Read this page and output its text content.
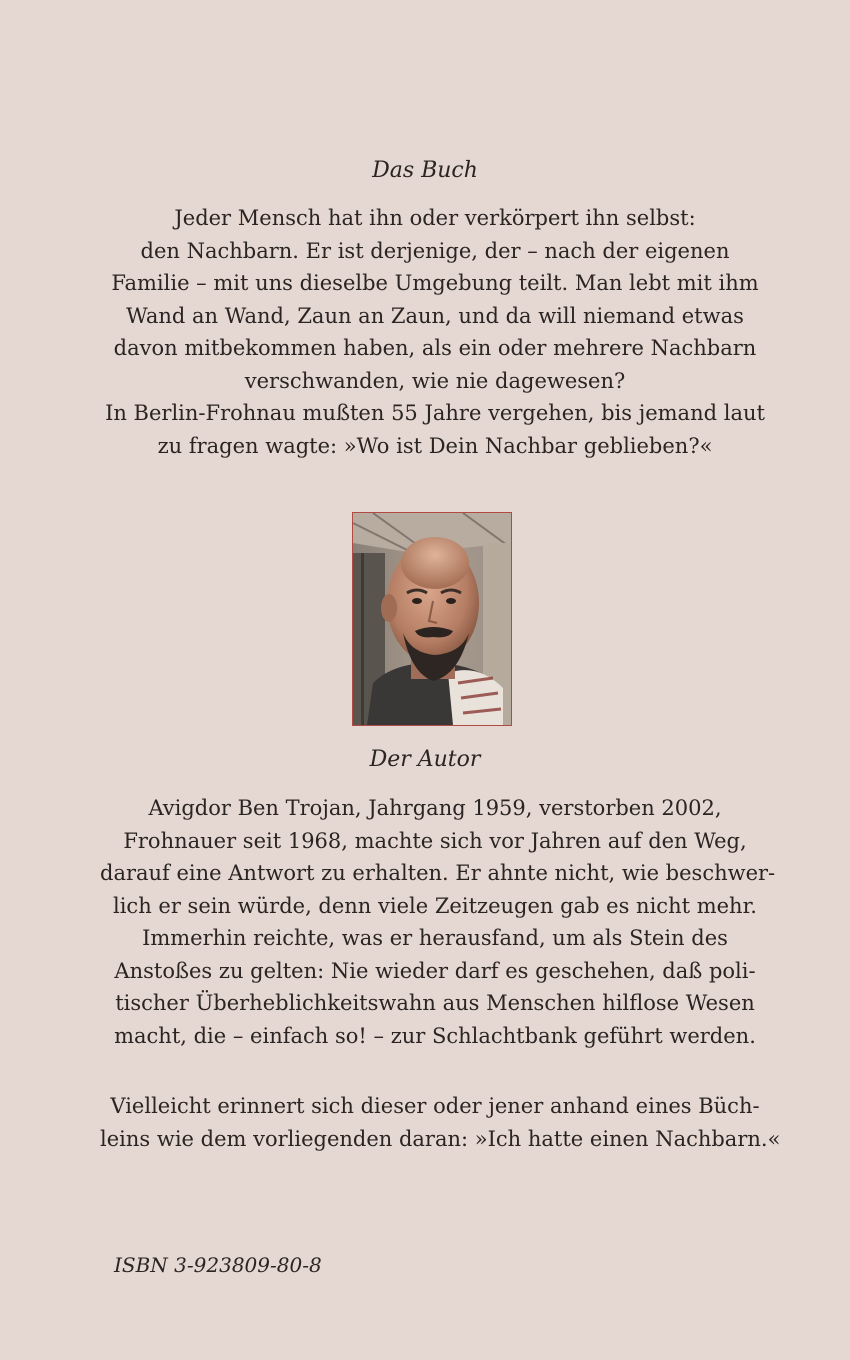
Das Buch
Jeder Mensch hat ihn oder verkörpert ihn selbst:
den Nachbarn. Er ist derjenige, der – nach der eigenen
Familie – mit uns dieselbe Umgebung teilt. Man lebt mit ihm
Wand an Wand, Zaun an Zaun, und da will niemand etwas
davon mitbekommen haben, als ein oder mehrere Nachbarn
verschwanden, wie nie dagewesen?
In Berlin-Frohnau mußten 55 Jahre vergehen, bis jemand laut
zu fragen wagte: »Wo ist Dein Nachbar geblieben?«
Der Autor
Avigdor Ben Trojan, Jahrgang 1959, verstorben 2002,
Frohnauer seit 1968, machte sich vor Jahren auf den Weg,
darauf eine Antwort zu erhalten. Er ahnte nicht, wie beschwer-
lich er sein würde, denn viele Zeitzeugen gab es nicht mehr.
Immerhin reichte, was er herausfand, um als Stein des
Anstoßes zu gelten: Nie wieder darf es geschehen, daß poli-
tischer Überheblichkeitswahn aus Menschen hilflose Wesen
macht, die – einfach so! – zur Schlachtbank geführt werden.
Vielleicht erinnert sich dieser oder jener anhand eines Büch-
leins wie dem vorliegenden daran: »Ich hatte einen Nachbarn.«

ISBN 3-923809-80-8
